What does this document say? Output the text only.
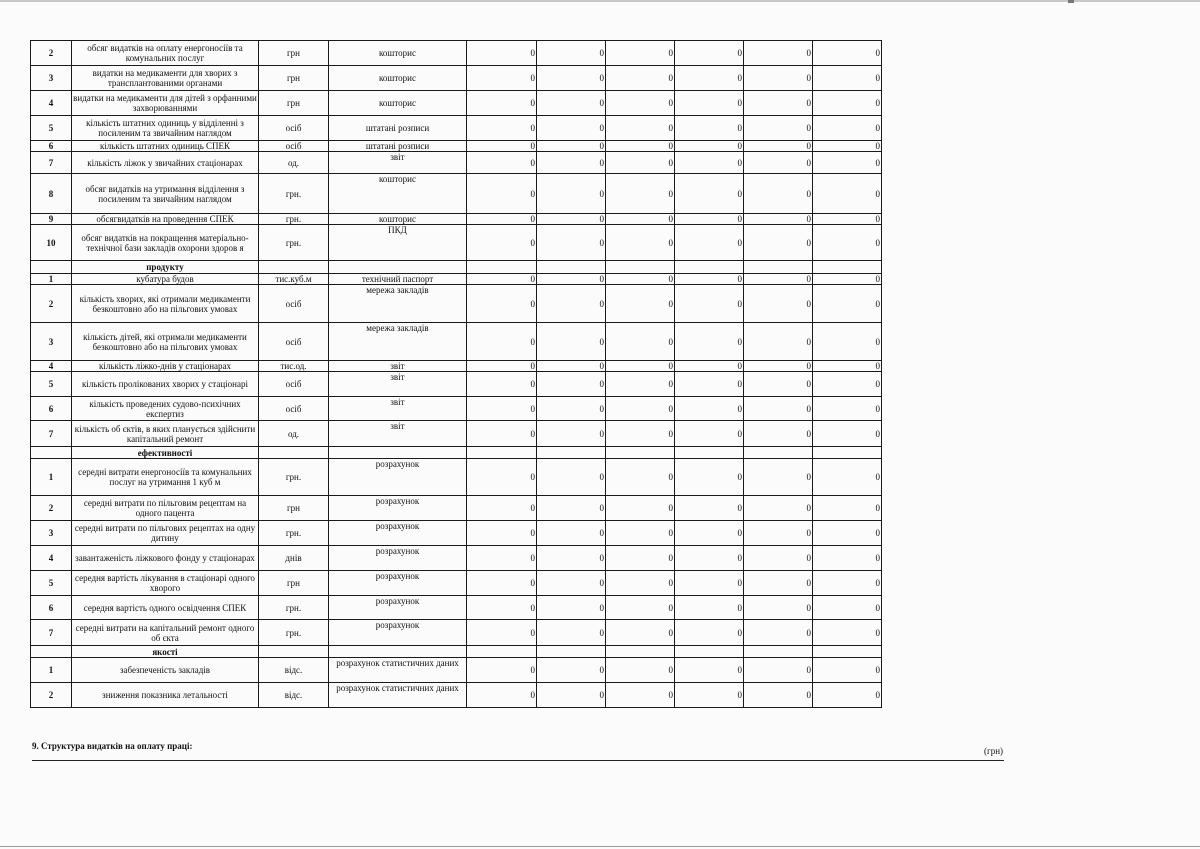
2	обсяг видатків на оплату енергоносіїв та комунальних послуг	грн	кошторис	0	0	0	0	0	0
3	видатки на медикаменти для хворих з трансплантованими органами	грн	кошторис	0	0	0	0	0	0
4	видатки на медикаменти для дітей з орфанними захворюваннями	грн	кошторис	0	0	0	0	0	0
5	кількість штатних одиниць у відділенні з посиленим та звичайним наглядом	осіб	штатані розписи	0	0	0	0	0	0
6	кількість штатних одиниць СПЕК	осіб	штатані розписи	0	0	0	0	0	0
7	кількість ліжок у звичайних стаціонарах	од.	звіт	0	0	0	0	0	0
8	обсяг видатків на утримання відділення з посиленим та звичайним наглядом	грн.	кошторис	0	0	0	0	0	0
9	обсягвидатків на проведення СПЕК	грн.	кошторис	0	0	0	0	0	0
10	обсяг видатків на покращення матеріально-технічної бази закладів охорони здоров я	грн.	ПКД	0	0	0	0	0	0
	продукту								
1	кубатура будов	тис.куб.м	технічний паспорт	0	0	0	0	0	0
2	кількість хворих, які отримали медикаменти безкоштовно або на пільгових умовах	осіб	мережа закладів	0	0	0	0	0	0
3	кількість дітей, які отримали медикаменти безкоштовно або на пільгових умовах	осіб	мережа закладів	0	0	0	0	0	0
4	кількість ліжко-днів у стаціонарах	тис.од.	звіт	0	0	0	0	0	0
5	кількість пролікованих хворих у стаціонарі	осіб	звіт	0	0	0	0	0	0
6	кількість проведених судово-психічних експертиз	осіб	звіт	0	0	0	0	0	0
7	кількість об єктів, в яких планується здійснити капітальний ремонт	од.	звіт	0	0	0	0	0	0
	ефективності								
1	середні витрати енергоносіїв та комунальних послуг на утримання 1 куб м	грн.	розрахунок	0	0	0	0	0	0
2	середні витрати по пільговим рецептам на одного пацента	грн	розрахунок	0	0	0	0	0	0
3	середні витрати по пільгових рецептах на одну дитину	грн.	розрахунок	0	0	0	0	0	0
4	завантаженість ліжкового фонду у стаціонарах	днів	розрахунок	0	0	0	0	0	0
5	середня вартість лікування в стаціонарі одного хворого	грн	розрахунок	0	0	0	0	0	0
6	середня вартість одного освідчення СПЕК	грн.	розрахунок	0	0	0	0	0	0
7	середні витрати на капітальний ремонт одного об єкта	грн.	розрахунок	0	0	0	0	0	0
	якості								
1	забезпеченість закладів	відс.	розрахунок статистичних даних	0	0	0	0	0	0
2	зниження показника летальності	відс.	розрахунок статистичних даних	0	0	0	0	0	0
9. Структура видатків на оплату праці:	(грн)
